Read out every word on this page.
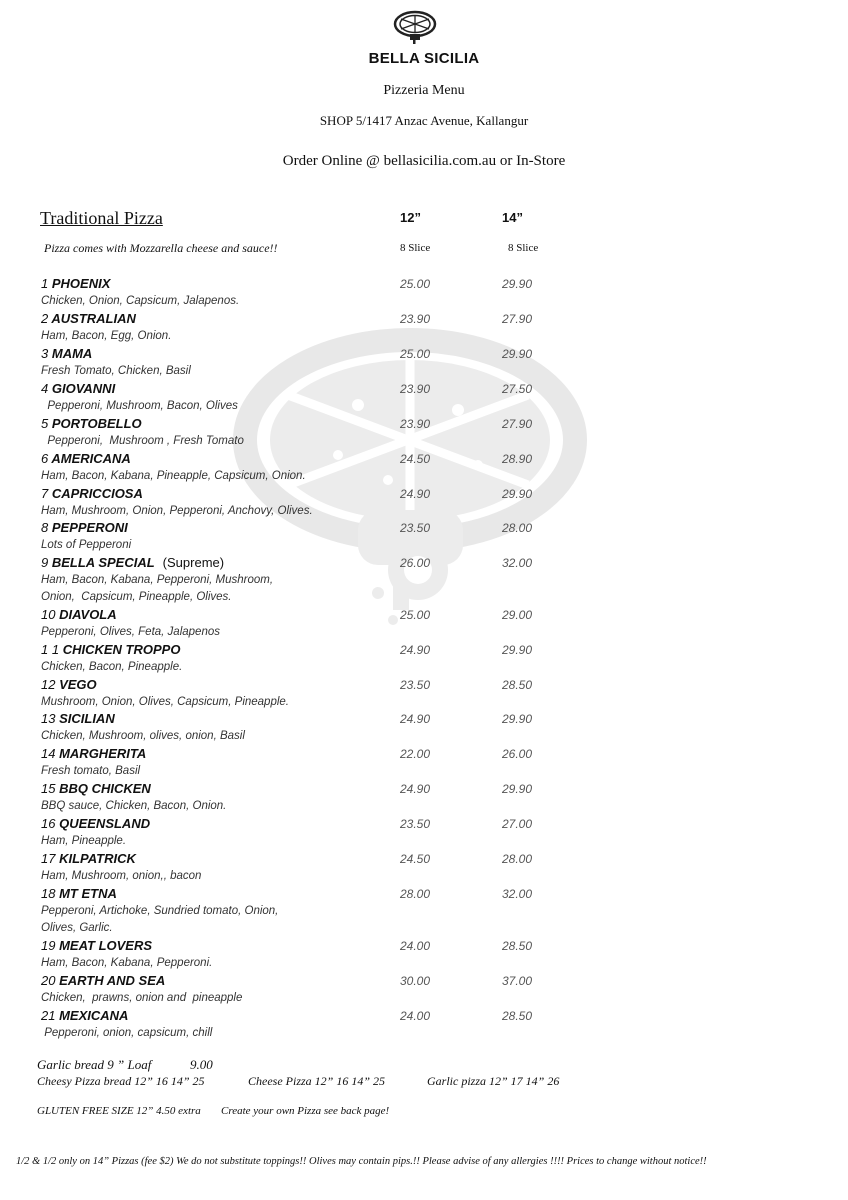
BELLA SICILIA
Pizzeria Menu
SHOP 5/1417 Anzac Avenue, Kallangur
Order Online @ bellasicilia.com.au or In-Store
Traditional Pizza	12”	14”
Pizza comes with Mozzarella cheese and sauce!!	8 Slice	8 Slice
1 PHOENIX	25.00	29.90
Chicken, Onion, Capsicum, Jalapenos.
2 AUSTRALIAN	23.90	27.90
Ham, Bacon, Egg, Onion.
3 MAMA	25.00	29.90
Fresh Tomato, Chicken, Basil
4 GIOVANNI	23.90	27.50
Pepperoni, Mushroom, Bacon, Olives
5 PORTOBELLO	23.90	27.90
Pepperoni,  Mushroom , Fresh Tomato
6 AMERICANA	24.50	28.90
Ham, Bacon, Kabana, Pineapple, Capsicum, Onion.
7 CAPRICCIOSA	24.90	29.90
Ham, Mushroom, Onion, Pepperoni, Anchovy, Olives.
8 PEPPERONI	23.50	28.00
Lots of Pepperoni
9 BELLA SPECIAL (Supreme)	26.00	32.00
Ham, Bacon, Kabana, Pepperoni, Mushroom,
Onion,  Capsicum, Pineapple, Olives.
10 DIAVOLA	25.00	29.00
Pepperoni, Olives, Feta, Jalapenos
1 1 CHICKEN TROPPO	24.90	29.90
Chicken, Bacon, Pineapple.
12 VEGO	23.50	28.50
Mushroom, Onion, Olives, Capsicum, Pineapple.
13 SICILIAN	24.90	29.90
Chicken, Mushroom, olives, onion, Basil
14 MARGHERITA	22.00	26.00
Fresh tomato, Basil
15 BBQ CHICKEN	24.90	29.90
BBQ sauce, Chicken, Bacon, Onion.
16 QUEENSLAND	23.50	27.00
Ham, Pineapple.
17 KILPATRICK	24.50	28.00
Ham, Mushroom, onion,, bacon
18 MT ETNA	28.00	32.00
Pepperoni, Artichoke, Sundried tomato, Onion,
Olives, Garlic.
19 MEAT LOVERS	24.00	28.50
Ham, Bacon, Kabana, Pepperoni.
20 EARTH AND SEA	30.00	37.00
Chicken,  prawns, onion and  pineapple
21 MEXICANA	24.00	28.50
Pepperoni, onion, capsicum, chill
Garlic bread 9 ” Loaf	9.00
Cheesy Pizza bread 12” 16 14” 25	Cheese Pizza 12” 16 14” 25	Garlic pizza 12” 17 14” 26
GLUTEN FREE SIZE 12” 4.50 extra Create your own Pizza see back page!
1/2 & 1/2 only on 14” Pizzas (fee $2) We do not substitute toppings!! Olives may contain pips.!! Please advise of any allergies !!!! Prices to change without notice!!
